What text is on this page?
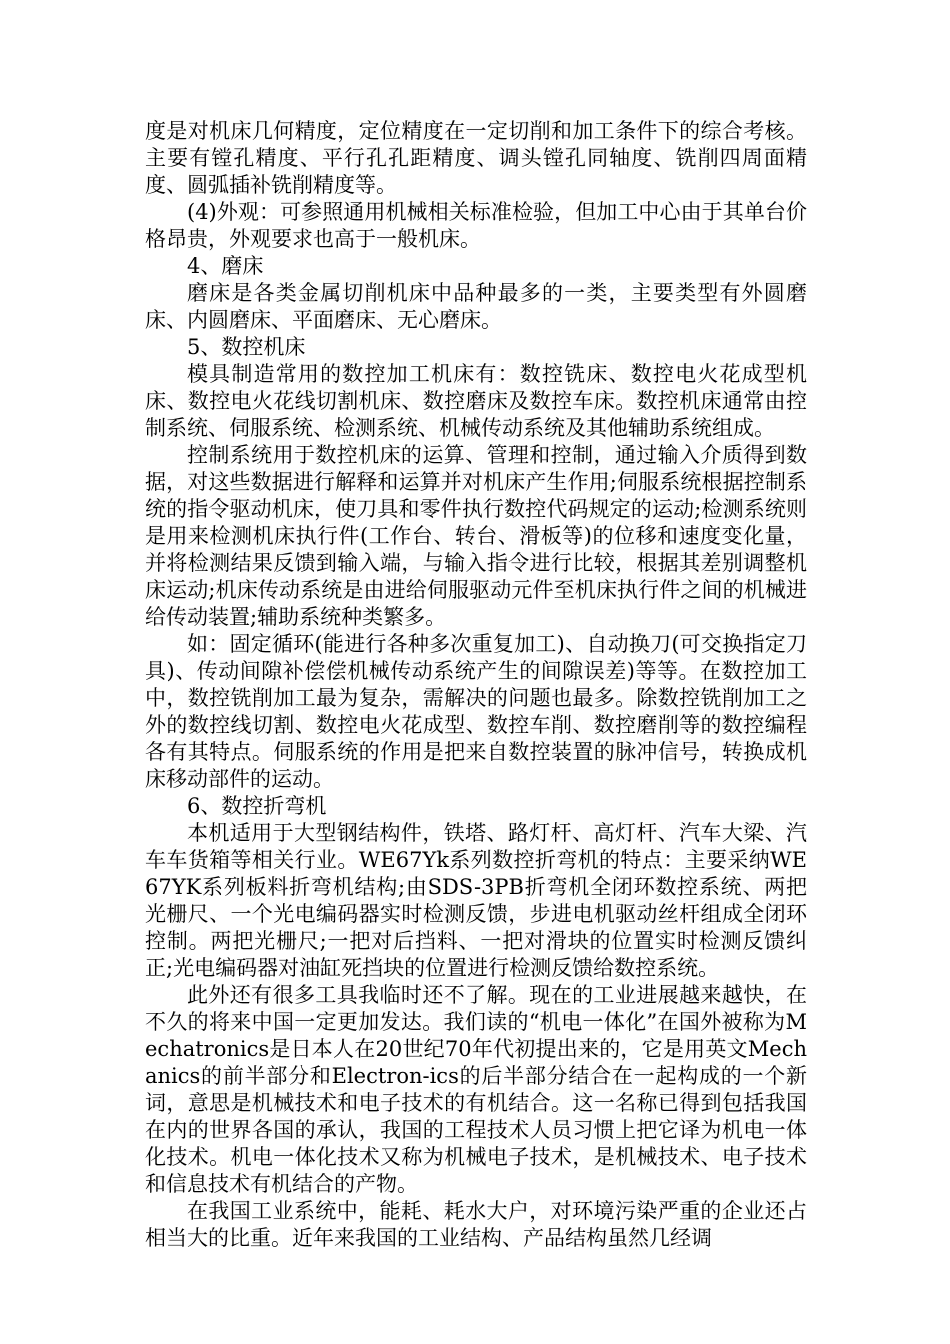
度是对机床几何精度，定位精度在一定切削和加工条件下的综合考核。主要有镗孔精度、平行孔孔距精度、调头镗孔同轴度、铣削四周面精度、圆弧插补铣削精度等。

(4)外观：可参照通用机械相关标准检验，但加工中心由于其单台价格昂贵，外观要求也高于一般机床。

4、磨床

磨床是各类金属切削机床中品种最多的一类，主要类型有外圆磨床、内圆磨床、平面磨床、无心磨床。

5、数控机床

模具制造常用的数控加工机床有：数控铣床、数控电火花成型机床、数控电火花线切割机床、数控磨床及数控车床。数控机床通常由控制系统、伺服系统、检测系统、机械传动系统及其他辅助系统组成。

控制系统用于数控机床的运算、管理和控制，通过输入介质得到数据，对这些数据进行解释和运算并对机床产生作用;伺服系统根据控制系统的指令驱动机床，使刀具和零件执行数控代码规定的运动;检测系统则是用来检测机床执行件(工作台、转台、滑板等)的位移和速度变化量，并将检测结果反馈到输入端，与输入指令进行比较，根据其差别调整机床运动;机床传动系统是由进给伺服驱动元件至机床执行件之间的机械进给传动装置;辅助系统种类繁多。

如：固定循环(能进行各种多次重复加工)、自动换刀(可交换指定刀具)、传动间隙补偿偿机械传动系统产生的间隙误差)等等。在数控加工中，数控铣削加工最为复杂，需解决的问题也最多。除数控铣削加工之外的数控线切割、数控电火花成型、数控车削、数控磨削等的数控编程各有其特点。伺服系统的作用是把来自数控装置的脉冲信号，转换成机床移动部件的运动。

6、数控折弯机

本机适用于大型钢结构件，铁塔、路灯杆、高灯杆、汽车大梁、汽车车货箱等相关行业。WE67Yk系列数控折弯机的特点：主要采纳WE67YK系列板料折弯机结构;由SDS-3PB折弯机全闭环数控系统、两把光栅尺、一个光电编码器实时检测反馈，步进电机驱动丝杆组成全闭环控制。两把光栅尺;一把对后挡料、一把对滑块的位置实时检测反馈纠正;光电编码器对油缸死挡块的位置进行检测反馈给数控系统。

此外还有很多工具我临时还不了解。现在的工业进展越来越快，在不久的将来中国一定更加发达。我们读的“机电一体化”在国外被称为Mechatronics是日本人在20世纪70年代初提出来的，它是用英文Mechanics的前半部分和Electron-ics的后半部分结合在一起构成的一个新词，意思是机械技术和电子技术的有机结合。这一名称已得到包括我国在内的世界各国的承认，我国的工程技术人员习惯上把它译为机电一体化技术。机电一体化技术又称为机械电子技术，是机械技术、电子技术和信息技术有机结合的产物。

在我国工业系统中，能耗、耗水大户，对环境污染严重的企业还占相当大的比重。近年来我国的工业结构、产品结构虽然几经调
